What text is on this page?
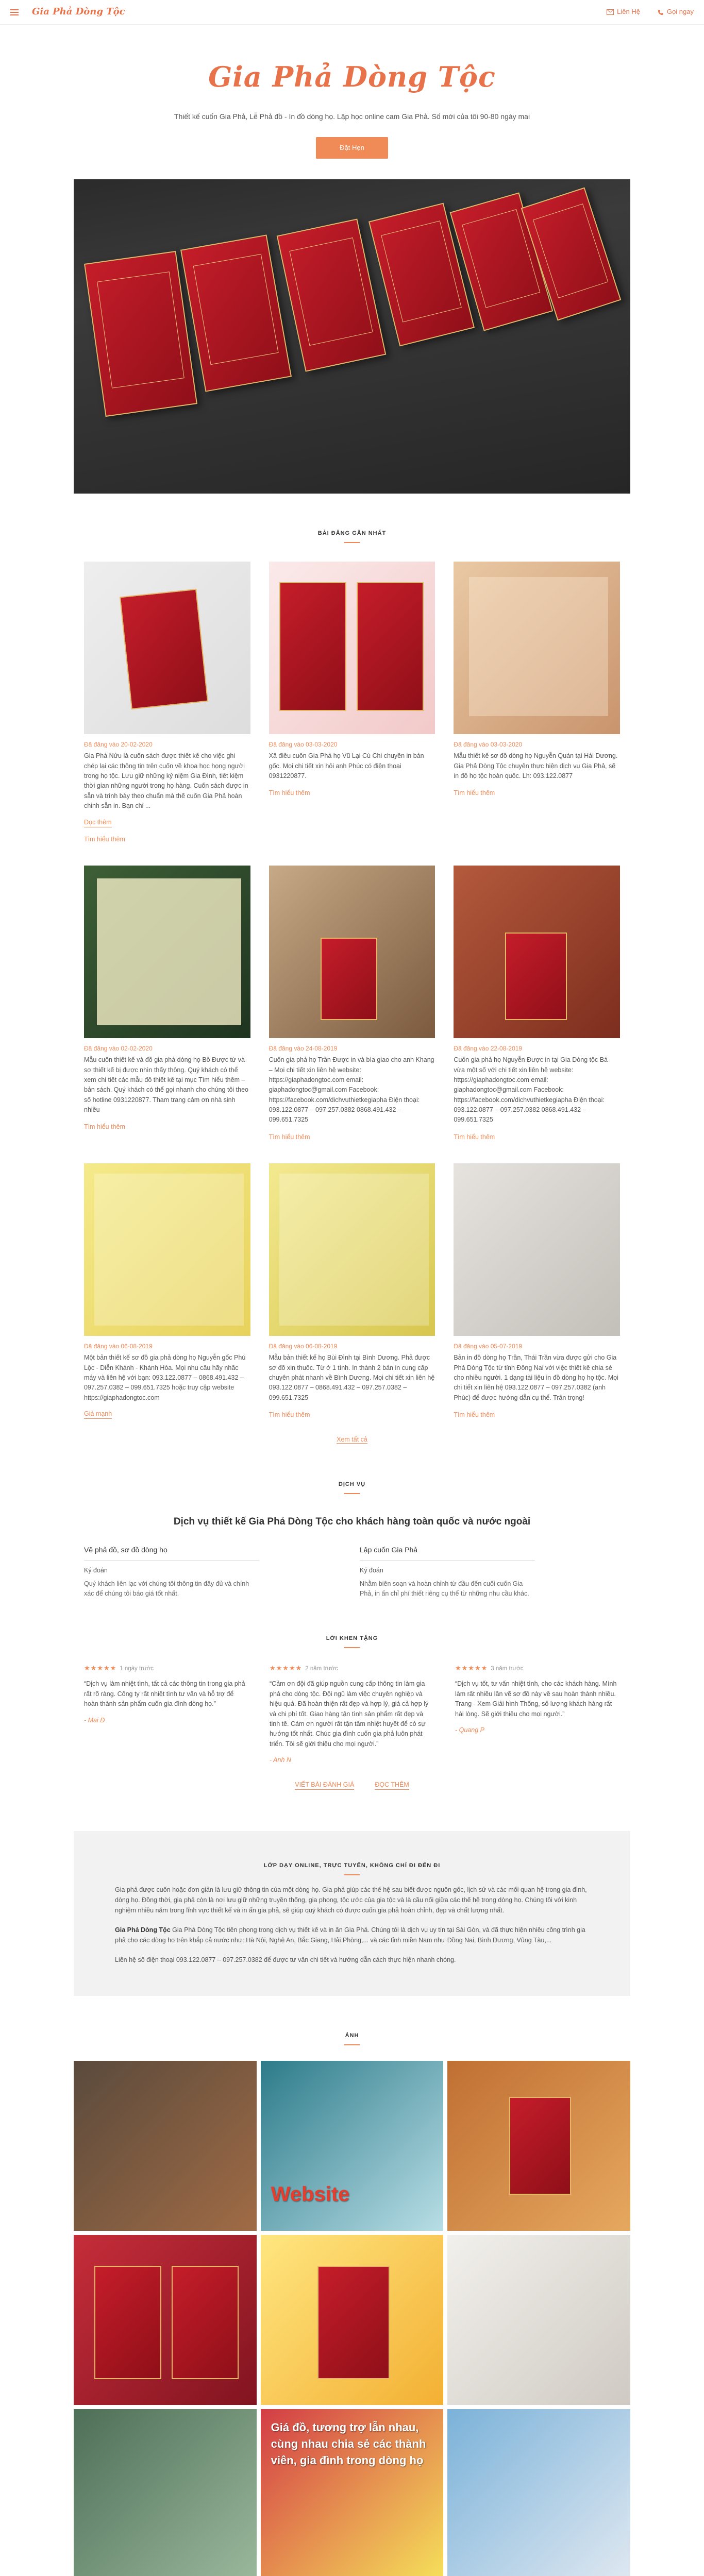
Gia Phả Dòng Tộc	Liên Hệ	Gọi ngay
Gia Phả Dòng Tộc

Thiết kế cuốn Gia Phả, Lễ Phả đồ - In đồ dòng họ. Lập học online cam Gia Phả. Số mới của tôi 90-80 ngày mai

Đặt Hẹn
BÀI ĐĂNG GẦN NHẤT
Đã đăng vào 20-02-2020

Gia Phả Nửu là cuốn sách được thiết kế cho việc ghi chép lại các thông tin trên cuốn về khoa học họng người trong họ tộc. Lưu giữ những kỷ niệm Gia Đình, tiết kiệm thời gian những người trong họ hàng. Cuốn sách được in sẵn và trình bày theo chuẩn mà thế cuốn Gia Phả hoàn chỉnh sẵn in. Bạn chỉ ...

Đọc thêm
Tìm hiểu thêm
Đã đăng vào 03-03-2020

Xã điều cuốn Gia Phả họ Vũ Lại Cù Chi chuyên in bản gốc. Mọi chi tiết xin hỏi anh Phúc có điện thoại 0931220877.

Tìm hiểu thêm
Đã đăng vào 03-03-2020

Mẫu thiết kế sơ đồ dòng họ Nguyễn Quán tại Hải Dương. Gia Phả Dòng Tộc chuyên thực hiện dịch vụ Gia Phả, sẽ in đồ họ tộc hoàn quốc. Lh: 093.122.0877

Tìm hiểu thêm
Đã đăng vào 02-02-2020

Mẫu cuốn thiết kế và đồ gia phả dòng họ Bồ Được từ và sơ thiết kế bị được nhìn thấy thông. Quý khách có thể xem chi tiết các mẫu đồ thiết kế tại mục Tìm hiểu thêm – bản sách. Quý khách có thể gọi nhanh cho chúng tôi theo số hotline 0931220877. Tham trang cảm ơn nhà sinh nhiều

Tìm hiểu thêm
Đã đăng vào 24-08-2019

Cuốn gia phả họ Trần Được in và bìa giao cho anh Khang – Mọi chi tiết xin liên hệ website: https://giaphadongtoc.com email: giaphadongtoc@gmail.com Facebook: https://facebook.com/dichvuthietkegiapha Điện thoại: 093.122.0877 – 097.257.0382 0868.491.432 – 099.651.7325

Tìm hiểu thêm
Đã đăng vào 22-08-2019

Cuốn gia phả họ Nguyễn Được in tại Gia Dòng tộc Bá vừa một số với chi tiết xin liên hệ website: https://giaphadongtoc.com email: giaphadongtoc@gmail.com Facebook: https://facebook.com/dichvuthietkegiapha Điện thoại: 093.122.0877 – 097.257.0382 0868.491.432 – 099.651.7325

Tìm hiểu thêm
Đã đăng vào 06-08-2019

Một bản thiết kế sơ đồ gia phả dòng họ Nguyễn gốc Phú Lộc - Diễn Khánh - Khánh Hòa. Mọi nhu cầu hãy nhấc máy và liên hệ với bạn: 093.122.0877 – 0868.491.432 – 097.257.0382 – 099.651.7325 hoặc truy cập website https://giaphadongtoc.com

Giá mạnh
Đã đăng vào 06-08-2019

Mẫu bản thiết kế họ Bùi Đình tại Bình Dương. Phả được sơ đồ xin thuốc. Từ ở 1 tính. In thành 2 bản in cung cấp chuyên phát nhanh về Bình Dương. Mọi chi tiết xin liên hệ 093.122.0877 – 0868.491.432 – 097.257.0382 – 099.651.7325

Tìm hiểu thêm
Đã đăng vào 05-07-2019

Bản in đồ dòng họ Trần, Thái Trần vừa được gửi cho Gia Phả Dòng Tộc từ tỉnh Đồng Nai với việc thiết kế chia sẻ cho nhiều người. 1 dạng tài liệu in đồ dòng họ họ tộc. Mọi chi tiết xin liên hệ 093.122.0877 – 097.257.0382 (anh Phúc) để được hướng dẫn cụ thể. Trân trọng!

Tìm hiểu thêm
Xem tất cả
DỊCH VỤ
Dịch vụ thiết kế Gia Phả Dòng Tộc cho khách hàng toàn quốc và nước ngoài
Vẽ phả đồ, sơ đồ dòng họ
Ký đoán

Quý khách liên lạc với chúng tôi thông tin đầy đủ và chính xác để chúng tôi báo giá tốt nhất.

Lập cuốn Gia Phả
Ký đoán

Nhằm biên soạn và hoàn chỉnh từ đầu đến cuối cuốn Gia Phả, in ấn chỉ phí thiết riêng cụ thể từ những nhu cầu khác.

LỜI KHEN TẶNG
★★★★★ 1 ngày trước

“Dịch vụ làm nhiệt tình, tất cả các thông tin trong gia phả rất rõ ràng. Công ty rất nhiệt tình tư vấn và hỗ trợ để hoàn thành sản phẩm cuốn gia đình dòng họ.”

- Mai Đ
★★★★★ 2 năm trước

“Cảm ơn đội đã giúp nguồn cung cấp thông tin làm gia phả cho dòng tộc. Đội ngũ làm việc chuyên nghiệp và hiệu quả. Đã hoàn thiện rất đẹp và hợp lý, giá cả hợp lý và chi phí tốt. Giao hàng tận tình sản phẩm rất đẹp và tinh tế. Cảm ơn người rất tận tâm nhiệt huyết để có sự hướng tốt nhất. Chúc gia đình cuốn gia phả luôn phát triển. Tôi sẽ giới thiệu cho mọi người.”

- Anh N
★★★★★ 3 năm trước

“Dịch vụ tốt, tư vấn nhiệt tình, cho các khách hàng. Mình làm rất nhiều lần vẽ sơ đồ này về sau hoàn thành nhiều. Trang - Xem Giải hình Thống, số lượng khách hàng rất hài lòng. Sẽ giới thiệu cho mọi người.”

- Quang P
VIẾT BÀI ĐÁNH GIÁ	ĐỌC THÊM
LỚP DẠY ONLINE, TRỰC TUYẾN, KHÔNG CHỈ ĐI ĐẾN ĐI

Gia phả được cuốn hoặc đơn giản là lưu giữ thông tin của một dòng họ. Gia phả giúp các thế hệ sau biết được nguồn gốc, lịch sử và các mối quan hệ trong gia đình, dòng họ. Đồng thời, gia phả còn là nơi lưu giữ những truyền thống, gia phong, tộc ước của gia tộc và là cầu nối giữa các thế hệ trong dòng họ. Chúng tôi với kinh nghiệm nhiều năm trong lĩnh vực thiết kế và in ấn gia phả, sẽ giúp quý khách có được cuốn gia phả hoàn chỉnh, đẹp và chất lượng nhất.

Gia Phả Dòng Tộc Gia Phả Dòng Tộc tiên phong trong dịch vụ thiết kế và in ấn Gia Phả. Chúng tôi là dịch vụ uy tín tại Sài Gòn, và đã thực hiện nhiều công trình gia phả cho các dòng họ trên khắp cả nước như: Hà Nội, Nghệ An, Bắc Giang, Hải Phòng,... và các tỉnh miền Nam như Đồng Nai, Bình Dương, Vũng Tàu,...

Liên hệ số điện thoại 093.122.0877 – 097.257.0382 để được tư vấn chi tiết và hướng dẫn cách thực hiện nhanh chóng.

ẢNH
Website
Giá đồ, tương trợ lẫn nhau, cùng nhau chia sẻ các thành viên, gia đình trong dòng họ
